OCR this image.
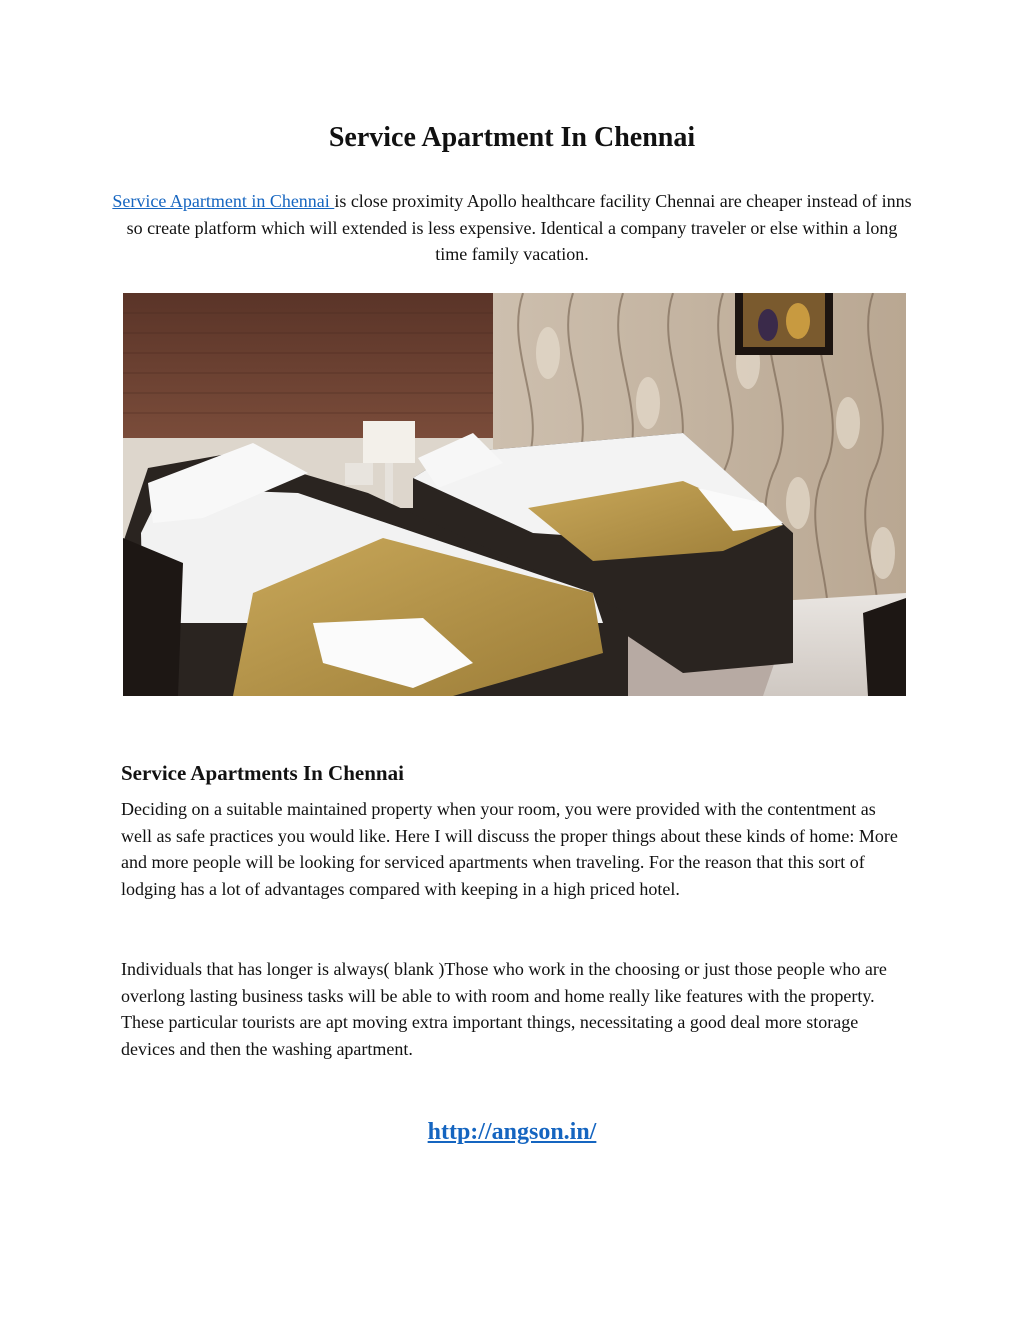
Service Apartment In Chennai

Service Apartment in Chennai is close proximity Apollo healthcare facility Chennai are cheaper instead of inns so create platform which will extended is less expensive. Identical a company traveler or else within a long time family vacation.

Service Apartments In Chennai

Deciding on a suitable maintained property when your room, you were provided with the contentment as well as safe practices you would like. Here I will discuss the proper things about these kinds of home: More and more people will be looking for serviced apartments when traveling. For the reason that this sort of lodging has a lot of advantages compared with keeping in a high priced hotel.

Individuals that has longer is always( blank )Those who work in the choosing or just those people who are overlong lasting business tasks will be able to with room and home really like features with the property. These particular tourists are apt moving extra important things, necessitating a good deal more storage devices and then the washing apartment.

http://angson.in/
